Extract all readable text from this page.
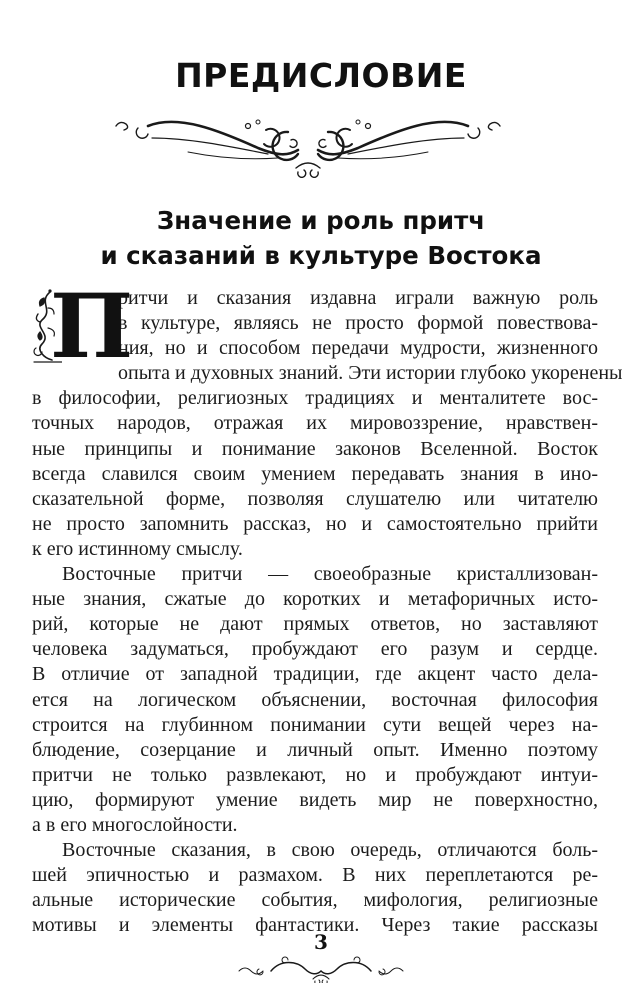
ПРЕДИСЛОВИЕ
Значение и роль притч
и сказаний в культуре Востока

П
ритчи и сказания издавна играли важную роль
в культуре, являясь не просто формой повествова-
ния, но и способом передачи мудрости, жизненного
опыта и духовных знаний. Эти истории глубоко укоренены
в философии, религиозных традициях и менталитете вос-
точных народов, отражая их мировоззрение, нравствен-
ные принципы и понимание законов Вселенной. Восток
всегда славился своим умением передавать знания в ино-
сказательной форме, позволяя слушателю или читателю
не просто запомнить рассказ, но и самостоятельно прийти
к его истинному смыслу.

Восточные притчи — своеобразные кристаллизован-
ные знания, сжатые до коротких и метафоричных исто-
рий, которые не дают прямых ответов, но заставляют
человека задуматься, пробуждают его разум и сердце.
В отличие от западной традиции, где акцент часто дела-
ется на логическом объяснении, восточная философия
строится на глубинном понимании сути вещей через на-
блюдение, созерцание и личный опыт. Именно поэтому
притчи не только развлекают, но и пробуждают интуи-
цию, формируют умение видеть мир не поверхностно,
а в его многослойности.

Восточные сказания, в свою очередь, отличаются боль-
шей эпичностью и размахом. В них переплетаются ре-
альные исторические события, мифология, религиозные
мотивы и элементы фантастики. Через такие рассказы

3
